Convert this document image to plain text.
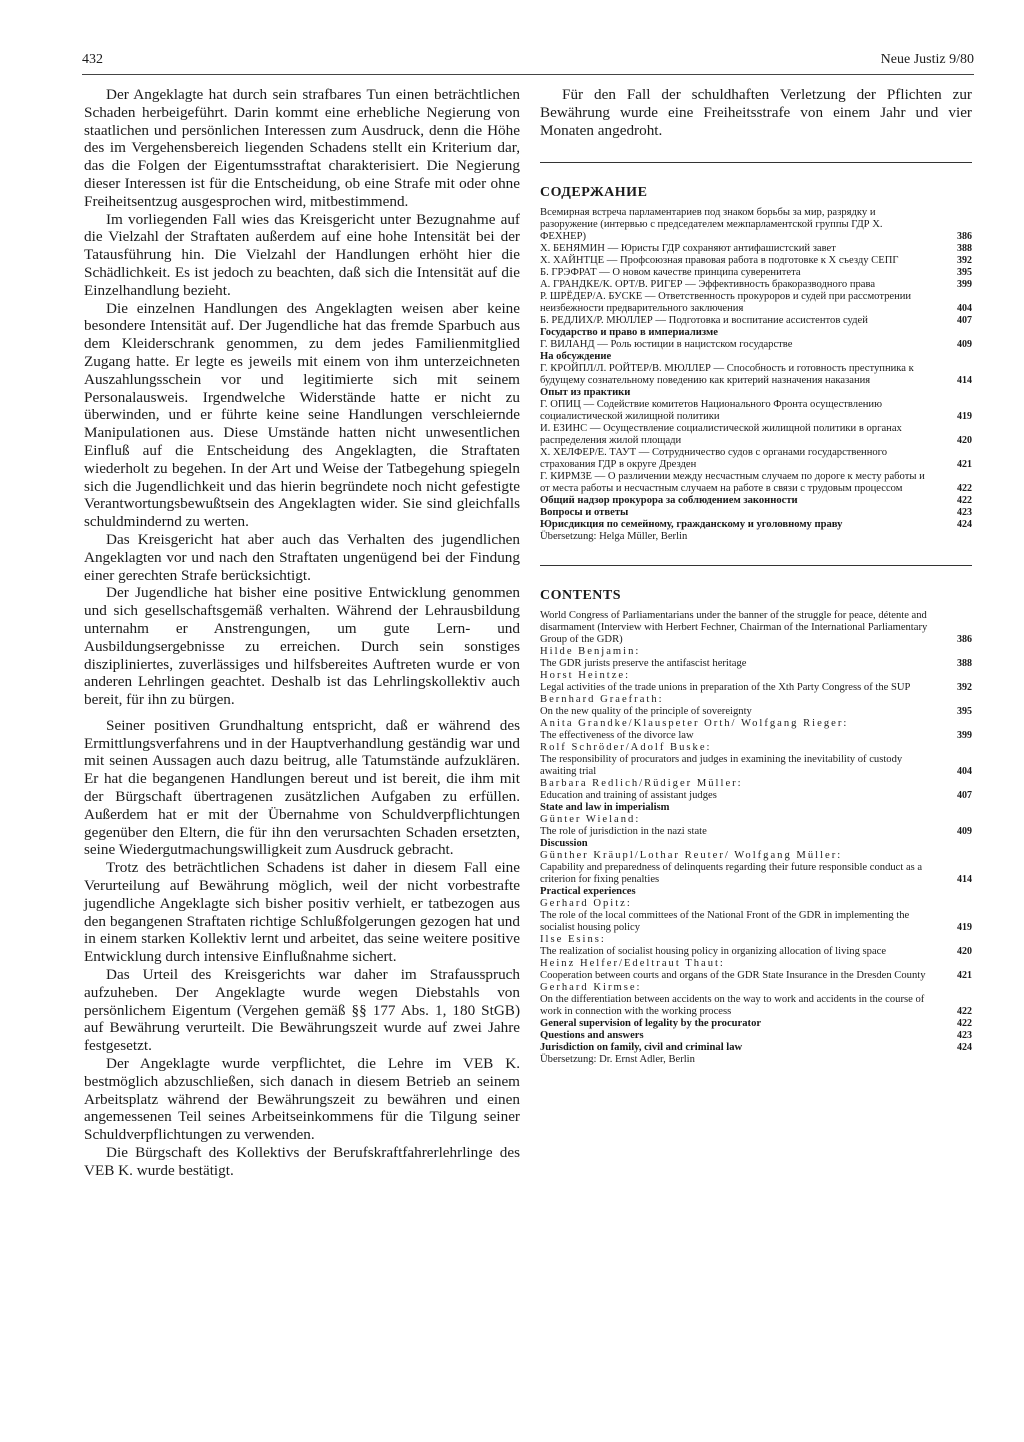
432	Neue Justiz 9/80

Der Angeklagte hat durch sein strafbares Tun einen beträchtlichen Schaden herbeigeführt. Darin kommt eine erhebliche Negierung von staatlichen und persönlichen Interessen zum Ausdruck, denn die Höhe des im Vergehensbereich liegenden Schadens stellt ein Kriterium dar, das die Folgen der Eigentumsstraftat charakterisiert. Die Negierung dieser Interessen ist für die Entscheidung, ob eine Strafe mit oder ohne Freiheitsentzug ausgesprochen wird, mitbestimmend.

Im vorliegenden Fall wies das Kreisgericht unter Bezugnahme auf die Vielzahl der Straftaten außerdem auf eine hohe Intensität bei der Tatausführung hin. Die Vielzahl der Handlungen erhöht hier die Schädlichkeit. Es ist jedoch zu beachten, daß sich die Intensität auf die Einzelhandlung bezieht.

Die einzelnen Handlungen des Angeklagten weisen aber keine besondere Intensität auf. Der Jugendliche hat das fremde Sparbuch aus dem Kleiderschrank genommen, zu dem jedes Familienmitglied Zugang hatte. Er legte es jeweils mit einem von ihm unterzeichneten Auszahlungsschein vor und legitimierte sich mit seinem Personalausweis. Irgendwelche Widerstände hatte er nicht zu überwinden, und er führte keine seine Handlungen verschleiernde Manipulationen aus. Diese Umstände hatten nicht unwesentlichen Einfluß auf die Entscheidung des Angeklagten, die Straftaten wiederholt zu begehen. In der Art und Weise der Tatbegehung spiegeln sich die Jugendlichkeit und das hierin begründete noch nicht gefestigte Verantwortungsbewußtsein des Angeklagten wider. Sie sind gleichfalls schuldmindernd zu werten.

Das Kreisgericht hat aber auch das Verhalten des jugendlichen Angeklagten vor und nach den Straftaten ungenügend bei der Findung einer gerechten Strafe berücksichtigt.

Der Jugendliche hat bisher eine positive Entwicklung genommen und sich gesellschaftsgemäß verhalten. Während der Lehrausbildung unternahm er Anstrengungen, um gute Lern- und Ausbildungsergebnisse zu erreichen. Durch sein sonstiges diszipliniertes, zuverlässiges und hilfsbereites Auftreten wurde er von anderen Lehrlingen geachtet. Deshalb ist das Lehrlingskollektiv auch bereit, für ihn zu bürgen.

Seiner positiven Grundhaltung entspricht, daß er während des Ermittlungsverfahrens und in der Hauptverhandlung geständig war und mit seinen Aussagen auch dazu beitrug, alle Tatumstände aufzuklären. Er hat die begangenen Handlungen bereut und ist bereit, die ihm mit der Bürgschaft übertragenen zusätzlichen Aufgaben zu erfüllen. Außerdem hat er mit der Übernahme von Schuldverpflichtungen gegenüber den Eltern, die für ihn den verursachten Schaden ersetzten, seine Wiedergutmachungswilligkeit zum Ausdruck gebracht.

Trotz des beträchtlichen Schadens ist daher in diesem Fall eine Verurteilung auf Bewährung möglich, weil der nicht vorbestrafte jugendliche Angeklagte sich bisher positiv verhielt, er tatbezogen aus den begangenen Straftaten richtige Schlußfolgerungen gezogen hat und in einem starken Kollektiv lernt und arbeitet, das seine weitere positive Entwicklung durch intensive Einflußnahme sichert.

Das Urteil des Kreisgerichts war daher im Strafausspruch aufzuheben. Der Angeklagte wurde wegen Diebstahls von persönlichem Eigentum (Vergehen gemäß §§ 177 Abs. 1, 180 StGB) auf Bewährung verurteilt. Die Bewährungszeit wurde auf zwei Jahre festgesetzt.

Der Angeklagte wurde verpflichtet, die Lehre im VEB K. bestmöglich abzuschließen, sich danach in diesem Betrieb an seinem Arbeitsplatz während der Bewährungszeit zu bewähren und einen angemessenen Teil seines Arbeitseinkommens für die Tilgung seiner Schuldverpflichtungen zu verwenden.

Die Bürgschaft des Kollektivs der Berufskraftfahrerlehrlinge des VEB K. wurde bestätigt.

Für den Fall der schuldhaften Verletzung der Pflichten zur Bewährung wurde eine Freiheitsstrafe von einem Jahr und vier Monaten angedroht.

СОДЕРЖАНИЕ
Всемирная встреча парламентариев под знаком борьбы за мир, разрядку и разоружение (интервью с председателем межпарламентской группы ГДР Х. ФЕХНЕР)	386
Х. БЕНЯМИН — Юристы ГДР сохраняют антифашистский завет	388
Х. ХАЙНТЦЕ — Профсоюзная правовая работа в подготовке к Х съезду СЕПГ	392
Б. ГРЭФРАТ — О новом качестве принципа суверенитета	395
А. ГРАНДКЕ/К. ОРТ/В. РИГЕР — Эффективность бракоразводного права	399
Р. ШРЁДЕР/А. БУСКЕ — Ответственность прокуроров и судей при рассмотрении неизбежности предварительного заключения	404
Б. РЕДЛИХ/Р. МЮЛЛЕР — Подготовка и воспитание ассистентов судей	407
Государство и право в империализме
Г. ВИЛАНД — Роль юстиции в нацистском государстве	409
На обсуждение
Г. КРОЙПЛ/Л. РОЙТЕР/В. МЮЛЛЕР — Способность и готовность преступника к будущему сознательному поведению как критерий назначения наказания	414
Опыт из практики
Г. ОПИЦ — Содействие комитетов Национального Фронта осуществлению социалистической жилищной политики	419
И. ЕЗИНС — Осуществление социалистической жилищной политики в органах распределения жилой площади	420
Х. ХЕЛФЕР/Е. ТАУТ — Сотрудничество судов с органами государственного страхования ГДР в округе Дрезден	421
Г. КИРМЗЕ — О различении между несчастным случаем по дороге к месту работы и от места работы и несчастным случаем на работе в связи с трудовым процессом	422
Общий надзор прокурора за соблюдением законности	422
Вопросы и ответы	423
Юрисдикция по семейному, гражданскому и уголовному праву	424
Übersetzung: Helga Müller, Berlin
CONTENTS
World Congress of Parliamentarians under the banner of the struggle for peace, détente and disarmament (Interview with Herbert Fechner, Chairman of the International Parliamentary Group of the GDR)	386
Hilde Benjamin:
The GDR jurists preserve the antifascist heritage	388
Horst Heintze:
Legal activities of the trade unions in preparation of the Xth Party Congress of the SUP	392
Bernhard Graefrath:
On the new quality of the principle of sovereignty	395
Anita Grandke/Klauspeter Orth/ Wolfgang Rieger:
The effectiveness of the divorce law	399
Rolf Schröder/Adolf Buske:
The responsibility of procurators and judges in examining the inevitability of custody awaiting trial	404
Barbara Redlich/Rüdiger Müller:
Education and training of assistant judges	407
State and law in imperialism
Günter Wieland:
The role of jurisdiction in the nazi state	409
Discussion
Günther Kräupl/Lothar Reuter/ Wolfgang Müller:
Capability and preparedness of delinquents regarding their future responsible conduct as a criterion for fixing penalties	414
Practical experiences
Gerhard Opitz:
The role of the local committees of the National Front of the GDR in implementing the socialist housing policy	419
Ilse Esins:
The realization of socialist housing policy in organizing allocation of living space	420
Heinz Helfer/Edeltraut Thaut:
Cooperation between courts and organs of the GDR State Insurance in the Dresden County	421
Gerhard Kirmse:
On the differentiation between accidents on the way to work and accidents in the course of work in connection with the working process	422
General supervision of legality by the procurator	422
Questions and answers	423
Jurisdiction on family, civil and criminal law	424
Übersetzung: Dr. Ernst Adler, Berlin
